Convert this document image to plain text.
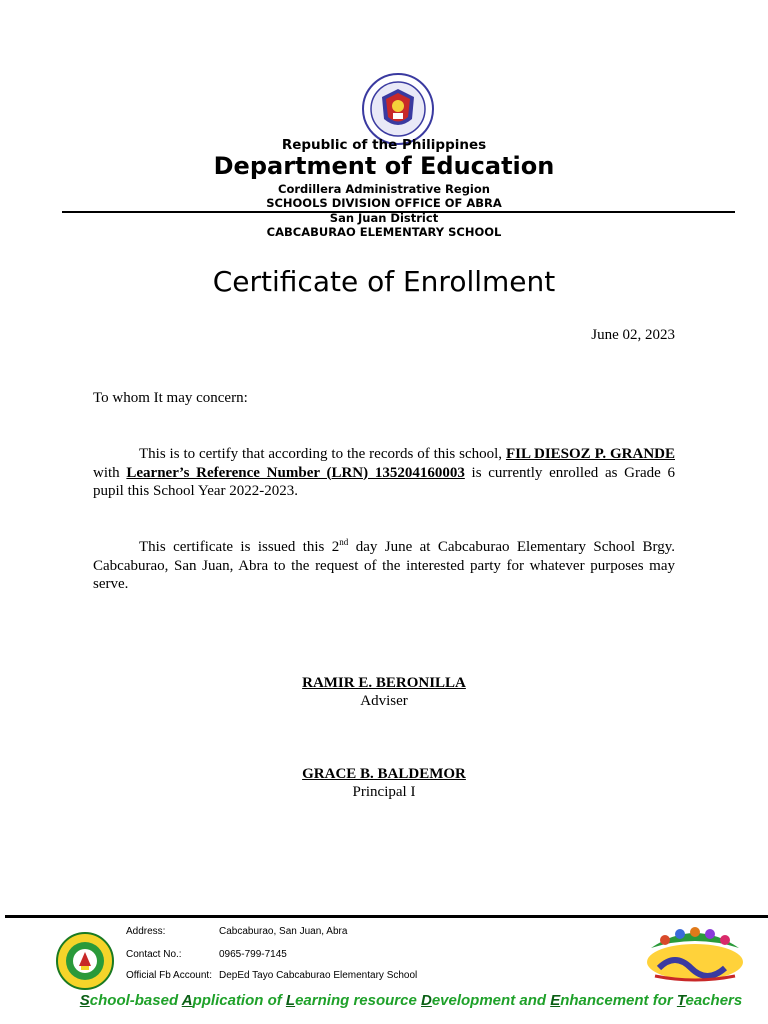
Republic of the Philippines
Department of Education
Cordillera Administrative Region
SCHOOLS DIVISION OFFICE OF ABRA
San Juan District
CABCABURAO ELEMENTARY SCHOOL
Certificate of Enrollment
June 02, 2023
To whom It may concern:
This is to certify that according to the records of this school, FIL DIESOZ P. GRANDE with Learner’s Reference Number (LRN) 135204160003 is currently enrolled as Grade 6 pupil this School Year 2022-2023.
This certificate is issued this 2nd day June at Cabcaburao Elementary School Brgy. Cabcaburao, San Juan, Abra to the request of the interested party for whatever purposes may serve.
RAMIR E. BERONILLA
Adviser
GRACE B. BALDEMOR
Principal I
Address:	Cabcaburao, San Juan, Abra
Contact No.:	0965-799-7145
Official Fb Account: DepEd Tayo Cabcaburao Elementary School
School-based Application of Learning resource Development and Enhancement for Teachers
